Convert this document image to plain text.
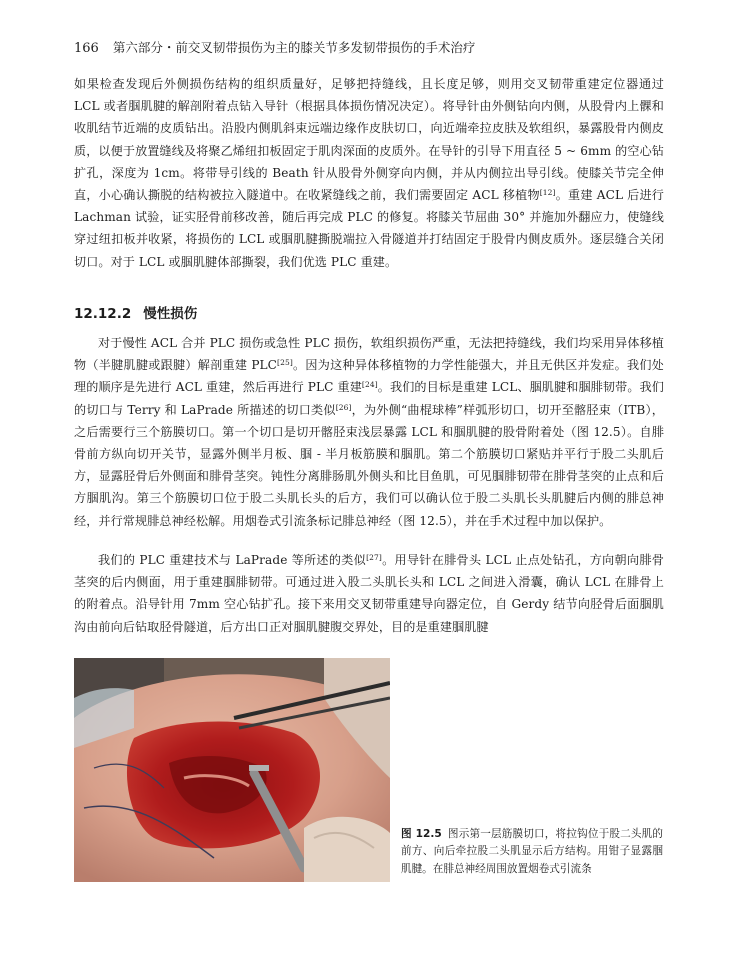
166 第六部分・前交叉韧带损伤为主的膝关节多发韧带损伤的手术治疗

如果检查发现后外侧损伤结构的组织质量好，足够把持缝线，且长度足够，则用交叉韧带重建定位器通过 LCL 或者腘肌腱的解剖附着点钻入导针（根据具体损伤情况决定）。将导针由外侧钻向内侧，从股骨内上髁和收肌结节近端的皮质钻出。沿股内侧肌斜束远端边缘作皮肤切口，向近端牵拉皮肤及软组织，暴露股骨内侧皮质，以便于放置缝线及将聚乙烯纽扣板固定于肌肉深面的皮质外。在导针的引导下用直径 5 ~ 6mm 的空心钻扩孔，深度为 1cm。将带导引线的 Beath 针从股骨外侧穿向内侧，并从内侧拉出导引线。使膝关节完全伸直，小心确认撕脱的结构被拉入隧道中。在收紧缝线之前，我们需要固定 ACL 移植物[12]。重建 ACL 后进行 Lachman 试验，证实胫骨前移改善，随后再完成 PLC 的修复。将膝关节屈曲 30° 并施加外翻应力，使缝线穿过纽扣板并收紧，将损伤的 LCL 或腘肌腱撕脱端拉入骨隧道并打结固定于股骨内侧皮质外。逐层缝合关闭切口。对于 LCL 或腘肌腱体部撕裂，我们优选 PLC 重建。

12.12.2 慢性损伤

对于慢性 ACL 合并 PLC 损伤或急性 PLC 损伤，软组织损伤严重，无法把持缝线，我们均采用异体移植物（半腱肌腱或跟腱）解剖重建 PLC[25]。因为这种异体移植物的力学性能强大，并且无供区并发症。我们处理的顺序是先进行 ACL 重建，然后再进行 PLC 重建[24]。我们的目标是重建 LCL、腘肌腱和腘腓韧带。我们的切口与 Terry 和 LaPrade 所描述的切口类似[26]，为外侧“曲棍球棒”样弧形切口，切开至髂胫束（ITB），之后需要行三个筋膜切口。第一个切口是切开髂胫束浅层暴露 LCL 和腘肌腱的股骨附着处（图 12.5）。自腓骨前方纵向切开关节，显露外侧半月板、腘 - 半月板筋膜和腘肌。第二个筋膜切口紧贴并平行于股二头肌后方，显露胫骨后外侧面和腓骨茎突。钝性分离腓肠肌外侧头和比目鱼肌，可见腘腓韧带在腓骨茎突的止点和后方腘肌沟。第三个筋膜切口位于股二头肌长头的后方，我们可以确认位于股二头肌长头肌腱后内侧的腓总神经，并行常规腓总神经松解。用烟卷式引流条标记腓总神经（图 12.5），并在手术过程中加以保护。

我们的 PLC 重建技术与 LaPrade 等所述的类似[27]。用导针在腓骨头 LCL 止点处钻孔，方向朝向腓骨茎突的后内侧面，用于重建腘腓韧带。可通过进入股二头肌长头和 LCL 之间进入滑囊，确认 LCL 在腓骨上的附着点。沿导针用 7mm 空心钻扩孔。接下来用交叉韧带重建导向器定位，自 Gerdy 结节向胫骨后面腘肌沟由前向后钻取胫骨隧道，后方出口正对腘肌腱腹交界处，目的是重建腘肌腱

图 12.5 图示第一层筋膜切口，将拉钩位于股二头肌的前方、向后牵拉股二头肌显示后方结构。用钳子显露腘肌腱。在腓总神经周围放置烟卷式引流条
